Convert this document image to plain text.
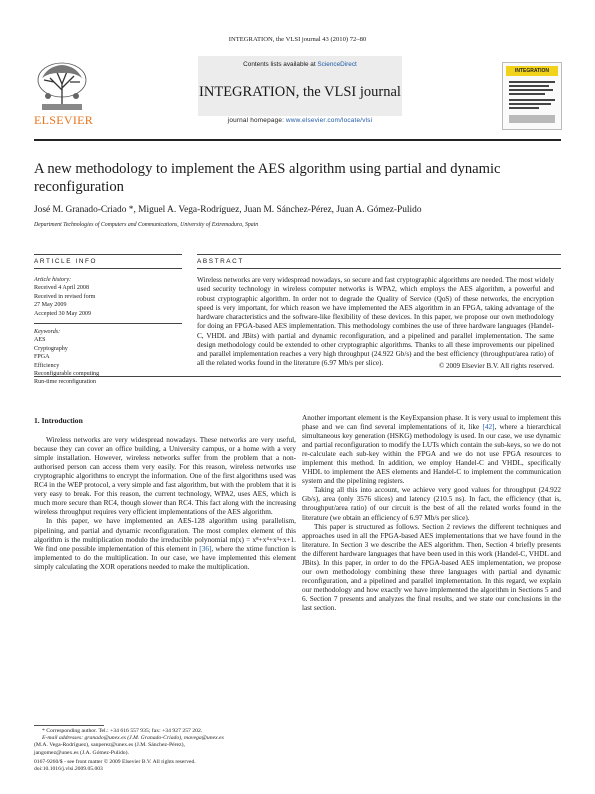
INTEGRATION, the VLSI journal 43 (2010) 72–80
Contents lists available at ScienceDirect
INTEGRATION, the VLSI journal
journal homepage: www.elsevier.com/locate/vlsi
ELSEVIER
INTEGRATION
A new methodology to implement the AES algorithm using partial and dynamic reconfiguration
José M. Granado-Criado *, Miguel A. Vega-Rodríguez, Juan M. Sánchez-Pérez, Juan A. Gómez-Pulido
Department Technologies of Computers and Communications, University of Extremadura, Spain
ARTICLE INFO	ABSTRACT
Article history:
Received 4 April 2008
Received in revised form
27 May 2009
Accepted 30 May 2009
Keywords:
AES
Cryptography
FPGA
Efficiency
Reconfigurable computing
Run-time reconfiguration
Wireless networks are very widespread nowadays, so secure and fast cryptographic algorithms are needed. The most widely used security technology in wireless computer networks is WPA2, which employs the AES algorithm, a powerful and robust cryptographic algorithm. In order not to degrade the Quality of Service (QoS) of these networks, the encryption speed is very important, for which reason we have implemented the AES algorithm in an FPGA, taking advantage of the hardware characteristics and the software-like flexibility of these devices. In this paper, we propose our own methodology for doing an FPGA-based AES implementation. This methodology combines the use of three hardware languages (Handel-C, VHDL and JBits) with partial and dynamic reconfiguration, and a pipelined and parallel implementation. The same design methodology could be extended to other cryptographic algorithms. Thanks to all these improvements our pipelined and parallel implementation reaches a very high throughput (24.922 Gb/s) and the best efficiency (throughput/area ratio) of all the related works found in the literature (6.97 Mb/s per slice).	© 2009 Elsevier B.V. All rights reserved.
1. Introduction

Wireless networks are very widespread nowadays. These networks are very useful, because they can cover an office building, a University campus, or a home with a very simple installation. However, wireless networks suffer from the problem that a non-authorised person can access them very easily. For this reason, wireless networks use cryptographic algorithms to encrypt the information. One of the first algorithms used was RC4 in the WEP protocol, a very simple and fast algorithm, but with the problem that it is very easy to break. For this reason, the current technology, WPA2, uses AES, which is much more secure than RC4, though slower than RC4. This fact along with the increasing wireless throughput requires very efficient implementations of the AES algorithm.

In this paper, we have implemented an AES-128 algorithm using parallelism, pipelining, and partial and dynamic reconfiguration. The most complex element of this algorithm is the multiplication modulo the irreducible polynomial m(x) = x⁸+x⁴+x³+x+1. We find one possible implementation of this element in [36], where the xtime function is implemented to do the multiplication. In our case, we have implemented this element simply calculating the XOR operations needed to make the multiplication.

Another important element is the KeyExpansion phase. It is very usual to implement this phase and we can find several implementations of it, like [42], where a hierarchical simultaneous key generation (HSKG) methodology is used. In our case, we use dynamic and partial reconfiguration to modify the LUTs which contain the sub-keys, so we do not re-calculate each sub-key within the FPGA and we do not use FPGA resources to implement this method. In addition, we employ Handel-C and VHDL, specifically VHDL to implement the AES elements and Handel-C to implement the communication system and the pipelining registers.

Taking all this into account, we achieve very good values for throughput (24.922 Gb/s), area (only 3576 slices) and latency (210.5 ns). In fact, the efficiency (that is, throughput/area ratio) of our circuit is the best of all the related works found in the literature (we obtain an efficiency of 6.97 Mb/s per slice).

This paper is structured as follows. Section 2 reviews the different techniques and approaches used in all the FPGA-based AES implementations that we have found in the literature. In Section 3 we describe the AES algorithm. Then, Section 4 briefly presents the different hardware languages that have been used in this work (Handel-C, VHDL and JBits). In this paper, in order to do the FPGA-based AES implementation, we propose our own methodology combining these three languages with partial and dynamic reconfiguration, and a pipelined and parallel implementation. In this regard, we explain our methodology and how exactly we have implemented the algorithm in Sections 5 and 6. Section 7 presents and analyzes the final results, and we state our conclusions in the last section.

* Corresponding author. Tel.: +34 616 557 935; fax: +34 927 257 202.
E-mail addresses: granado@unex.es (J.M. Granado-Criado), mavega@unex.es
(M.A. Vega-Rodríguez), sanperez@unex.es (J.M. Sánchez-Pérez),
jangomez@unex.es (J.A. Gómez-Pulido).
0167-9260/$ - see front matter © 2009 Elsevier B.V. All rights reserved.
doi:10.1016/j.vlsi.2009.05.003
